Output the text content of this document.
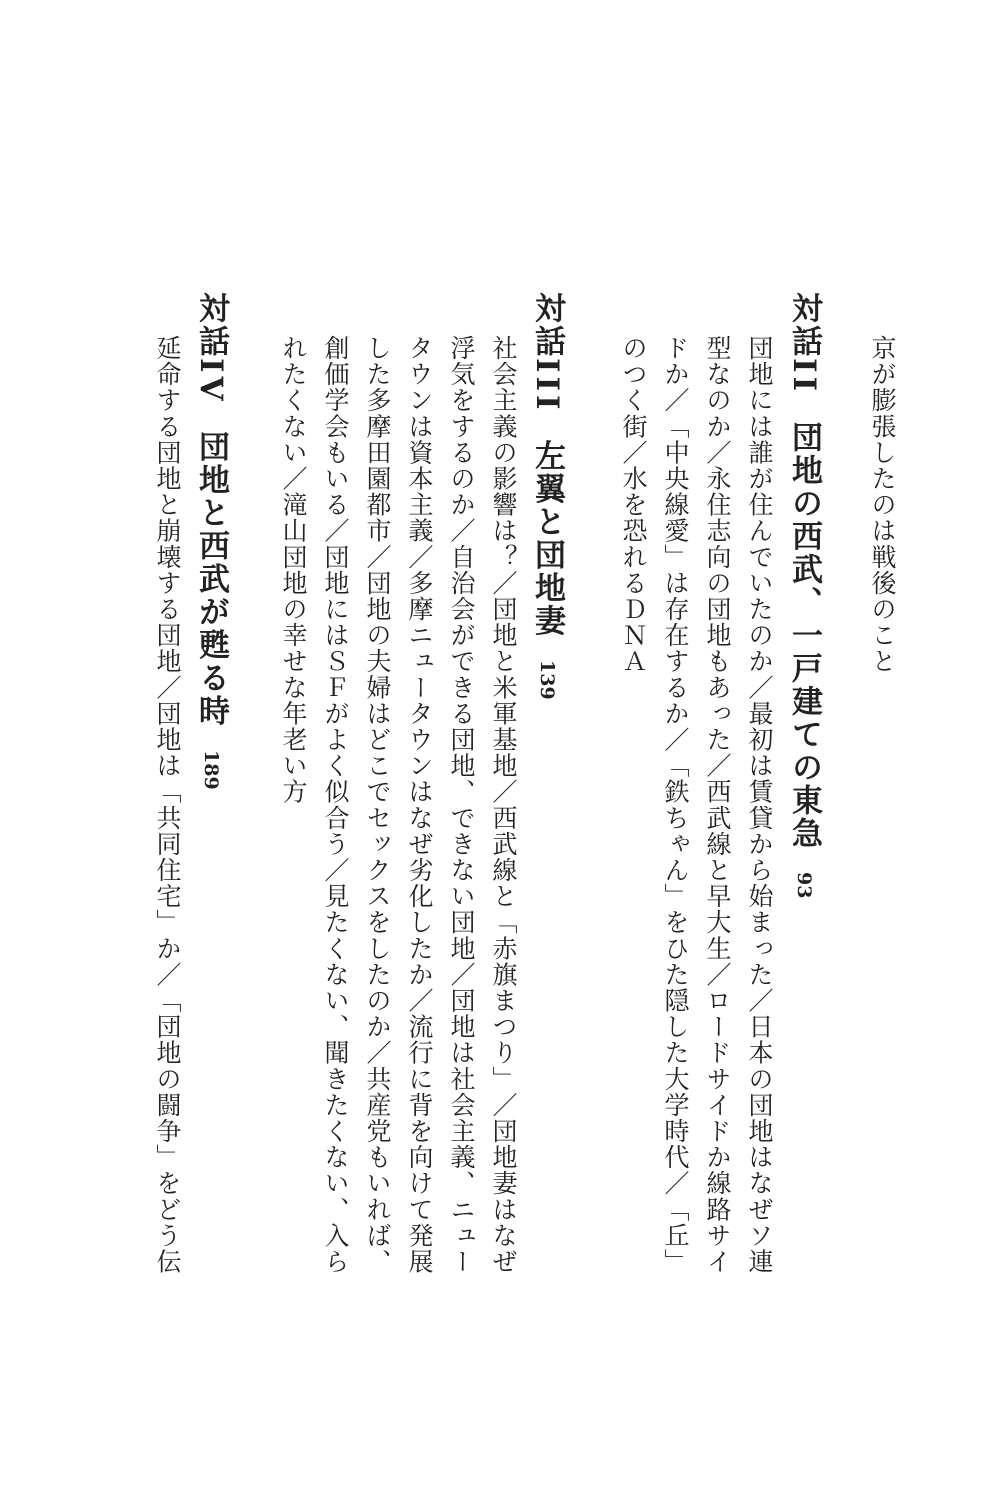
京が膨張したのは戦後のこと

対話II団地の西武、一戸建ての東急93

団地には誰が住んでいたのか／最初は賃貸から始まった／日本の団地はなぜソ連

型なのか／永住志向の団地もあった／西武線と早大生／ロードサイドか線路サイ

ドか／「中央線愛」は存在するか／「鉄ちゃん」をひた隠した大学時代／「丘」

のつく街／水を恐れるＤＮＡ

対話III左翼と団地妻139

社会主義の影響は？／団地と米軍基地／西武線と「赤旗まつり」／団地妻はなぜ

浮気をするのか／自治会ができる団地、できない団地／団地は社会主義、ニュー

タウンは資本主義／多摩ニュータウンはなぜ劣化したか／流行に背を向けて発展

した多摩田園都市／団地の夫婦はどこでセックスをしたのか／共産党もいれば、

創価学会もいる／団地にはＳＦがよく似合う／見たくない、聞きたくない、入ら

れたくない／滝山団地の幸せな年老い方

対話IV団地と西武が甦る時189

延命する団地と崩壊する団地／団地は「共同住宅」か／「団地の闘争」をどう伝
